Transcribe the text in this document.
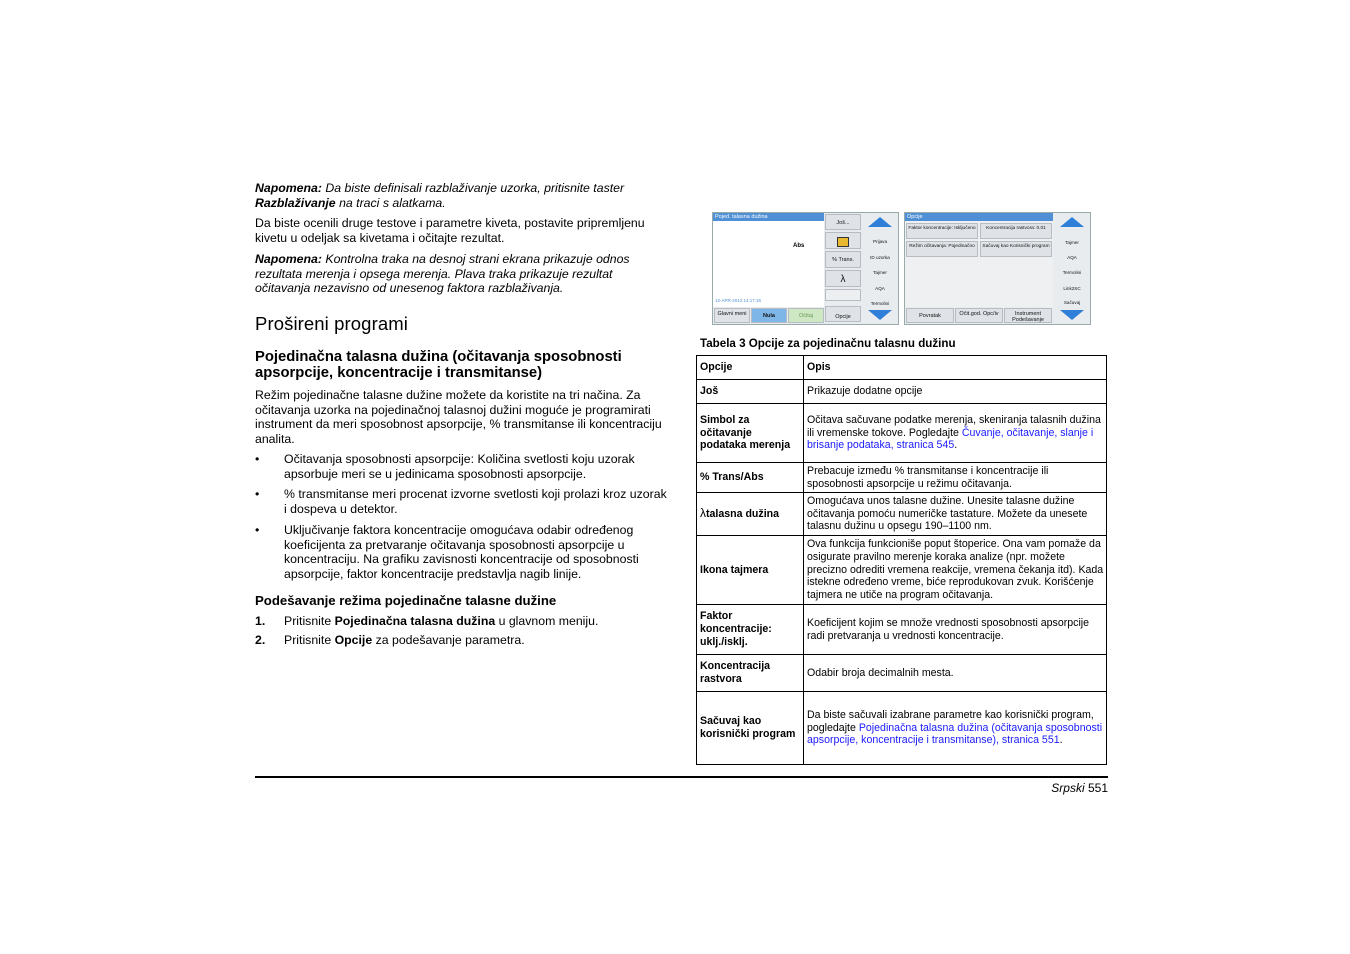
Napomena: Da biste definisali razblaživanje uzorka, pritisnite taster Razblaživanje na traci s alatkama.
Da biste ocenili druge testove i parametre kiveta, postavite pripremljenu kivetu u odeljak sa kivetama i očitajte rezultat.
Napomena: Kontrolna traka na desnoj strani ekrana prikazuje odnos rezultata merenja i opsega merenja. Plava traka prikazuje rezultat očitavanja nezavisno od unesenog faktora razblaživanja.
Prošireni programi
Pojedinačna talasna dužina (očitavanja sposobnosti apsorpcije, koncentracije i transmitanse)
Režim pojedinačne talasne dužine možete da koristite na tri načina. Za očitavanja uzorka na pojedinačnoj talasnoj dužini moguće je programirati instrument da meri sposobnost apsorpcije, % transmitanse ili koncentraciju analita.
• Očitavanja sposobnosti apsorpcije: Količina svetlosti koju uzorak apsorbuje meri se u jedinicama sposobnosti apsorpcije.
• % transmitanse meri procenat izvorne svetlosti koji prolazi kroz uzorak i dospeva u detektor.
• Uključivanje faktora koncentracije omogućava odabir određenog koeficijenta za pretvaranje očitavanja sposobnosti apsorpcije u koncentraciju. Na grafiku zavisnosti koncentracije od sposobnosti apsorpcije, faktor koncentracije predstavlja nagib linije.
Podešavanje režima pojedinačne talasne dužine
1. Pritisnite Pojedinačna talasna dužina u glavnom meniju.
2. Pritisnite Opcije za podešavanje parametra.
Pojed. talasna dužina
Abs
12-APR-2012 14:17:16
Još...
% Trans.
λ
Opcije
Prijava
ID uzorka
Tajmer
AQA
Termolini
Glavni meni	Nula	Očitaj
Opcije
Faktor koncentracije: Isključeno	Koncentracija rastvora: 0.01
Režim očitavanja: Pojedinačno	Sačuvaj kao Korisnički program
Tajmer
AQA
Termolini
Link2SC
Sačuvaj
Povratak	Očit.god. Opc/iv	Instrument Podešavanje
Tabela 3 Opcije za pojedinačnu talasnu dužinu
Opcije	Opis
Još	Prikazuje dodatne opcije
Simbol za očitavanje podataka merenja	Očitava sačuvane podatke merenja, skeniranja talasnih dužina ili vremenske tokove. Pogledajte Čuvanje, očitavanje, slanje i brisanje podataka, stranica 545.
% Trans/Abs	Prebacuje između % transmitanse i koncentracije ili sposobnosti apsorpcije u režimu očitavanja.
λtalasna dužina	Omogućava unos talasne dužine. Unesite talasne dužine očitavanja pomoću numeričke tastature. Možete da unesete talasnu dužinu u opsegu 190–1100 nm.
Ikona tajmera	Ova funkcija funkcioniše poput štoperice. Ona vam pomaže da osigurate pravilno merenje koraka analize (npr. možete precizno odrediti vremena reakcije, vremena čekanja itd). Kada istekne određeno vreme, biće reprodukovan zvuk. Korišćenje tajmera ne utiče na program očitavanja.
Faktor koncentracije: uklj./isklj.	Koeficijent kojim se množe vrednosti sposobnosti apsorpcije radi pretvaranja u vrednosti koncentracije.
Koncentracija rastvora	Odabir broja decimalnih mesta.
Sačuvaj kao korisnički program	Da biste sačuvali izabrane parametre kao korisnički program, pogledajte Pojedinačna talasna dužina (očitavanja sposobnosti apsorpcije, koncentracije i transmitanse), stranica 551.
Srpski 551
